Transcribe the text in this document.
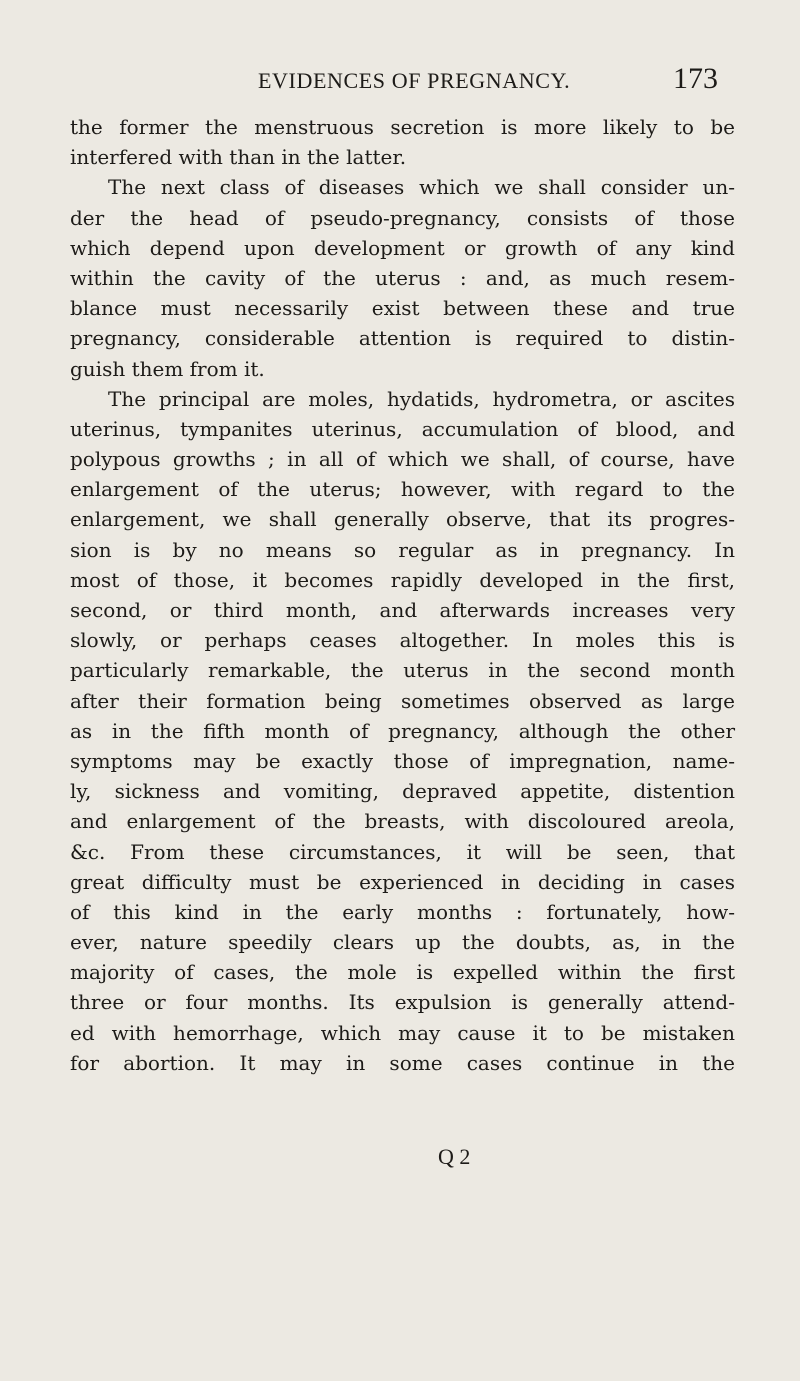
EVIDENCES OF PREGNANCY.	173
the former the menstruous secretion is more likely to be
interfered with than in the latter.
The next class of diseases which we shall consider un-
der the head of pseudo-pregnancy, consists of those
which depend upon development or growth of any kind
within the cavity of the uterus : and, as much resem-
blance must necessarily exist between these and true
pregnancy, considerable attention is required to distin-
guish them from it.
The principal are moles, hydatids, hydrometra, or ascites
uterinus, tympanites uterinus, accumulation of blood, and
polypous growths ; in all of which we shall, of course, have
enlargement of the uterus; however, with regard to the
enlargement, we shall generally observe, that its progres-
sion is by no means so regular as in pregnancy. In
most of those, it becomes rapidly developed in the first,
second, or third month, and afterwards increases very
slowly, or perhaps ceases altogether. In moles this is
particularly remarkable, the uterus in the second month
after their formation being sometimes observed as large
as in the fifth month of pregnancy, although the other
symptoms may be exactly those of impregnation, name-
ly, sickness and vomiting, depraved appetite, distention
and enlargement of the breasts, with discoloured areola,
&c. From these circumstances, it will be seen, that
great difficulty must be experienced in deciding in cases
of this kind in the early months : fortunately, how-
ever, nature speedily clears up the doubts, as, in the
majority of cases, the mole is expelled within the first
three or four months. Its expulsion is generally attend-
ed with hemorrhage, which may cause it to be mistaken
for abortion. It may in some cases continue in the
Q 2
